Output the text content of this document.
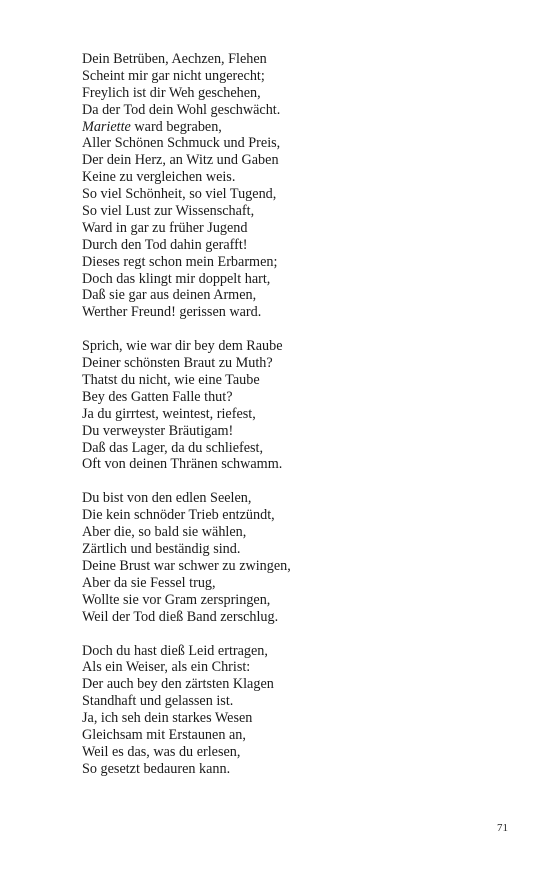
Dein Betrüben, Aechzen, Flehen
Scheint mir gar nicht ungerecht;
Freylich ist dir Weh geschehen,
Da der Tod dein Wohl geschwächt.
Mariette ward begraben,
Aller Schönen Schmuck und Preis,
Der dein Herz, an Witz und Gaben
Keine zu vergleichen weis.
So viel Schönheit, so viel Tugend,
So viel Lust zur Wissenschaft,
Ward in gar zu früher Jugend
Durch den Tod dahin gerafft!
Dieses regt schon mein Erbarmen;
Doch das klingt mir doppelt hart,
Daß sie gar aus deinen Armen,
Werther Freund! gerissen ward.
Sprich, wie war dir bey dem Raube
Deiner schönsten Braut zu Muth?
Thatst du nicht, wie eine Taube
Bey des Gatten Falle thut?
Ja du girrtest, weintest, riefest,
Du verweyster Bräutigam!
Daß das Lager, da du schliefest,
Oft von deinen Thränen schwamm.
Du bist von den edlen Seelen,
Die kein schnöder Trieb entzündt,
Aber die, so bald sie wählen,
Zärtlich und beständig sind.
Deine Brust war schwer zu zwingen,
Aber da sie Fessel trug,
Wollte sie vor Gram zerspringen,
Weil der Tod dieß Band zerschlug.
Doch du hast dieß Leid ertragen,
Als ein Weiser, als ein Christ:
Der auch bey den zärtsten Klagen
Standhaft und gelassen ist.
Ja, ich seh dein starkes Wesen
Gleichsam mit Erstaunen an,
Weil es das, was du erlesen,
So gesetzt bedauren kann.
71
